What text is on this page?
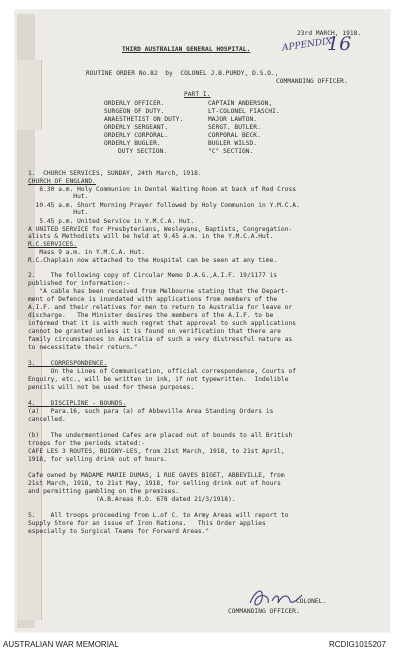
23rd MARCH, 1918.
THIRD AUSTRALIAN GENERAL HOSPITAL.	APPENDIX
16
ROUTINE ORDER No.82  by  COLONEL J.B.PURDY, D.S.O.,
COMMANDING OFFICER.
PART I.
ORDERLY OFFICER.	CAPTAIN ANDERSON,
SURGEON OF DUTY.	LT-COLONEL FIASCHI.
ANAESTHETIST ON DUTY.	MAJOR LAWTON.
ORDERLY SERGEANT.	SERGT. BUTLER.
ORDERLY CORPORAL.	CORPORAL BECK.
ORDERLY BUGLER.	BUGLER WILSD.
DUTY SECTION.	"C" SECTION.
1.  CHURCH SERVICES, SUNDAY, 24th March, 1918.
CHURCH OF ENGLAND.
6.30 a.m. Holy Communion in Dental Waiting Room at back of Red Cross
Hut.
10.45 a.m. Short Morning Prayer followed by Holy Communion in Y.M.C.A.
Hut.
5.45 p.m. United Service in Y.M.C.A. Hut.
A UNITED SERVICE for Presbyterians, Wesleyans, Baptists, Congregation-
alists & Methodists will be held at 9.45 a.m. in the Y.M.C.A.Hut.
R.C.SERVICES.
Mass 9 a.m. in Y.M.C.A. Hut.
R.C.Chaplain now attached to the Hospital can be seen at any time.
2.    The following copy of Circular Memo D.A.G.,A.I.F. 19/1177 is
published for information:-
"A cable has been received from Melbourne stating that the Depart-
ment of Defence is inundated with applications from members of the
A.I.F. and their relatives for men to return to Australia for leave or
discharge.   The Minister desires the members of the A.I.F. to be
informed that it is with much regret that approval to such applications
cannot be granted unless it is found on verification that there are
family circumstances in Australia of such a very distressful nature as
to necessitate their return."
3.    CORRESPONDENCE.
On the Lines of Communication, official correspondence, Courts of
Enquiry, etc., will be written in ink, if not typewritten.  Indelible
pencils will not be used for these purposes.
4.    DISCIPLINE - BOUNDS.
(a)   Para.16, such para (a) of Abbeville Area Standing Orders is
cancelled.
(b)   The undermentioned Cafes are placed out of bounds to all British
troops for the periods stated:-
CAFE LES 3 ROUTES, BUIGNY-LES, from 21st March, 1918, to 21st April,
1918, for selling drink out of hours.
Cafe owned by MADAME MARIE DUMAS, 1 RUE GAVES BIGET, ABBEVILLE, from
21st March, 1918, to 21st May, 1918, for selling drink out of hours
and permitting gambling on the premises.
(A.B.Areas R.O. 678 dated 21/3/1918).
5.    All troops proceeding from L.of C. to Army Areas will report to
Supply Store for an issue of Iron Rations.   This Order applies
especially to Surgical Teams for Forward Areas."
COLONEL.
COMMANDING OFFICER.
AUSTRALIAN WAR MEMORIAL	RCDIG1015207
